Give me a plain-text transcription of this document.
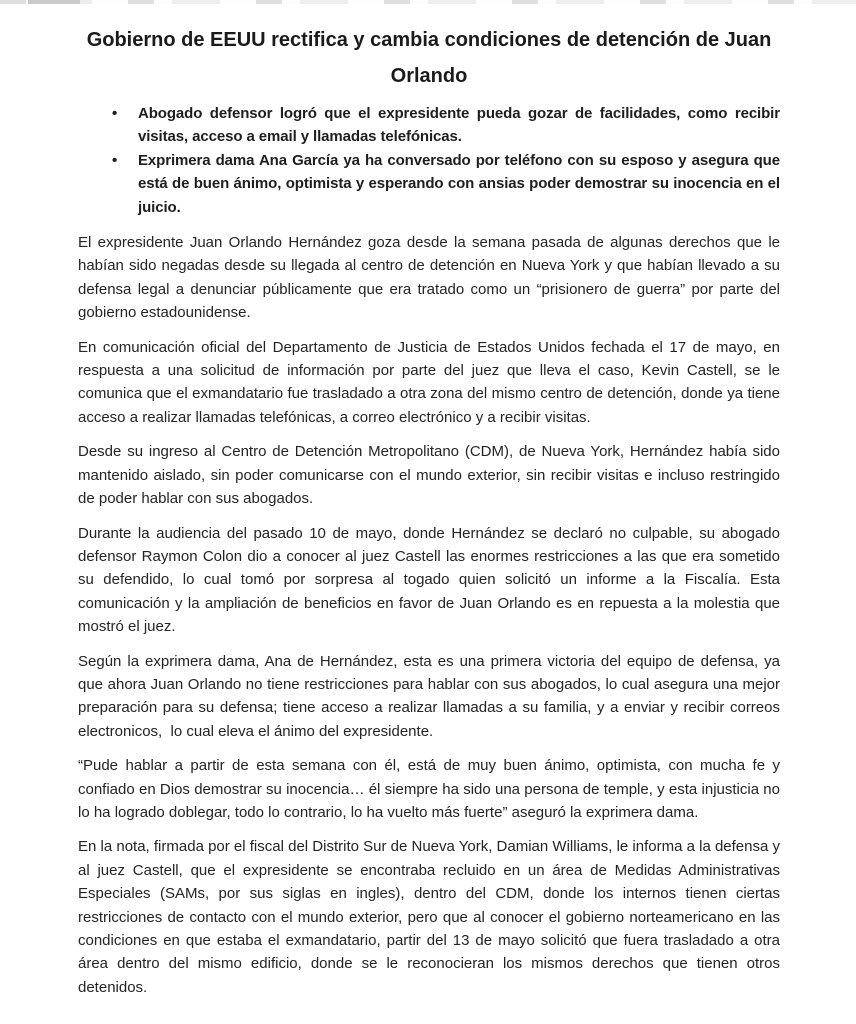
Gobierno de EEUU rectifica y cambia condiciones de detención de Juan
Orlando
• Abogado defensor logró que el expresidente pueda gozar de facilidades, como recibir visitas, acceso a email y llamadas telefónicas.
• Exprimera dama Ana García ya ha conversado por teléfono con su esposo y asegura que está de buen ánimo, optimista y esperando con ansias poder demostrar su inocencia en el juicio.

El expresidente Juan Orlando Hernández goza desde la semana pasada de algunas derechos que le habían sido negadas desde su llegada al centro de detención en Nueva York y que habían llevado a su defensa legal a denunciar públicamente que era tratado como un “prisionero de guerra” por parte del gobierno estadounidense.

En comunicación oficial del Departamento de Justicia de Estados Unidos fechada el 17 de mayo, en respuesta a una solicitud de información por parte del juez que lleva el caso, Kevin Castell, se le comunica que el exmandatario fue trasladado a otra zona del mismo centro de detención, donde ya tiene acceso a realizar llamadas telefónicas, a correo electrónico y a recibir visitas.

Desde su ingreso al Centro de Detención Metropolitano (CDM), de Nueva York, Hernández había sido mantenido aislado, sin poder comunicarse con el mundo exterior, sin recibir visitas e incluso restringido de poder hablar con sus abogados.

Durante la audiencia del pasado 10 de mayo, donde Hernández se declaró no culpable, su abogado defensor Raymon Colon dio a conocer al juez Castell las enormes restricciones a las que era sometido su defendido, lo cual tomó por sorpresa al togado quien solicitó un informe a la Fiscalía. Esta comunicación y la ampliación de beneficios en favor de Juan Orlando es en repuesta a la molestia que mostró el juez.

Según la exprimera dama, Ana de Hernández, esta es una primera victoria del equipo de defensa, ya que ahora Juan Orlando no tiene restricciones para hablar con sus abogados, lo cual asegura una mejor preparación para su defensa; tiene acceso a realizar llamadas a su familia, y a enviar y recibir correos electronicos,  lo cual eleva el ánimo del expresidente.

“Pude hablar a partir de esta semana con él, está de muy buen ánimo, optimista, con mucha fe y confiado en Dios demostrar su inocencia… él siempre ha sido una persona de temple, y esta injusticia no lo ha logrado doblegar, todo lo contrario, lo ha vuelto más fuerte” aseguró la exprimera dama.

En la nota, firmada por el fiscal del Distrito Sur de Nueva York, Damian Williams, le informa a la defensa y al juez Castell, que el expresidente se encontraba recluido en un área de Medidas Administrativas Especiales (SAMs, por sus siglas en ingles), dentro del CDM, donde los internos tienen ciertas restricciones de contacto con el mundo exterior, pero que al conocer el gobierno norteamericano en las condiciones en que estaba el exmandatario, partir del 13 de mayo solicitó que fuera trasladado a otra área dentro del mismo edificio, donde se le reconocieran los mismos derechos que tienen otros detenidos.
